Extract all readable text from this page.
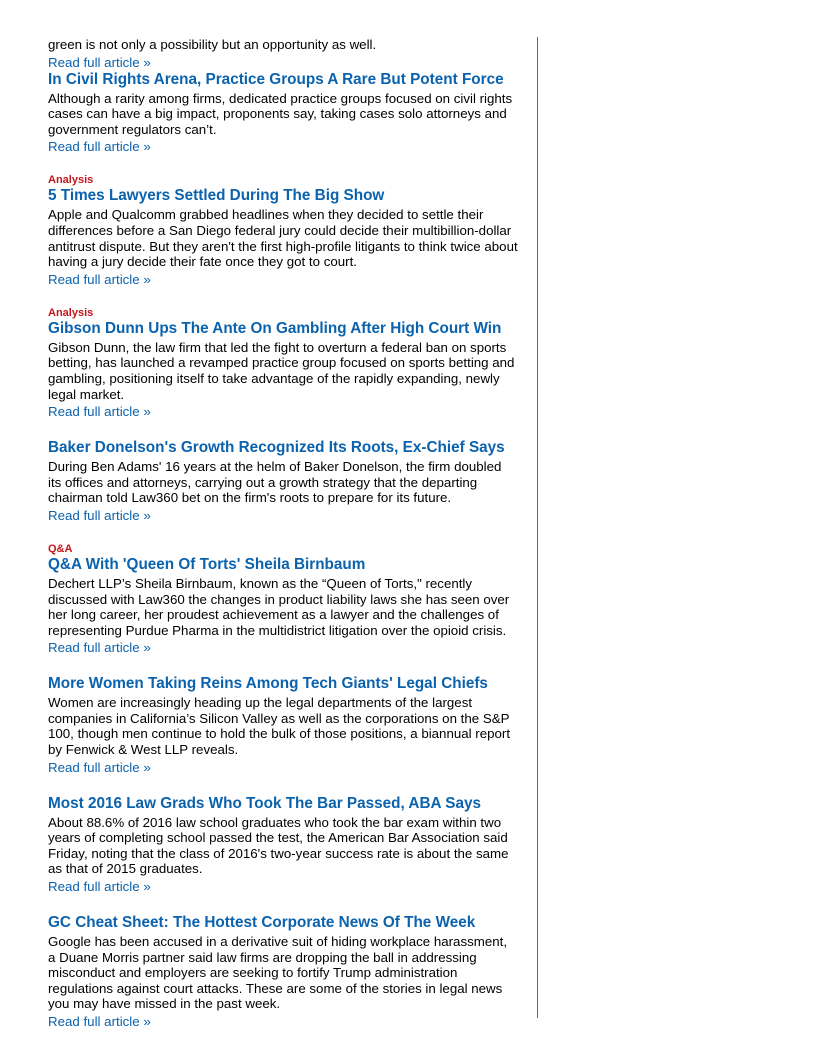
green is not only a possibility but an opportunity as well.

Read full article »
In Civil Rights Arena, Practice Groups A Rare But Potent Force

Although a rarity among firms, dedicated practice groups focused on civil rights cases can have a big impact, proponents say, taking cases solo attorneys and government regulators can’t.

Read full article »
Analysis
5 Times Lawyers Settled During The Big Show

Apple and Qualcomm grabbed headlines when they decided to settle their differences before a San Diego federal jury could decide their multibillion-dollar antitrust dispute. But they aren't the first high-profile litigants to think twice about having a jury decide their fate once they got to court.

Read full article »
Analysis
Gibson Dunn Ups The Ante On Gambling After High Court Win

Gibson Dunn, the law firm that led the fight to overturn a federal ban on sports betting, has launched a revamped practice group focused on sports betting and gambling, positioning itself to take advantage of the rapidly expanding, newly legal market.

Read full article »
Baker Donelson's Growth Recognized Its Roots, Ex-Chief Says

During Ben Adams' 16 years at the helm of Baker Donelson, the firm doubled its offices and attorneys, carrying out a growth strategy that the departing chairman told Law360 bet on the firm's roots to prepare for its future.

Read full article »
Q&A
Q&A With 'Queen Of Torts' Sheila Birnbaum

Dechert LLP’s Sheila Birnbaum, known as the “Queen of Torts," recently discussed with Law360 the changes in product liability laws she has seen over her long career, her proudest achievement as a lawyer and the challenges of representing Purdue Pharma in the multidistrict litigation over the opioid crisis.

Read full article »
More Women Taking Reins Among Tech Giants' Legal Chiefs

Women are increasingly heading up the legal departments of the largest companies in California’s Silicon Valley as well as the corporations on the S&P 100, though men continue to hold the bulk of those positions, a biannual report by Fenwick & West LLP reveals.

Read full article »
Most 2016 Law Grads Who Took The Bar Passed, ABA Says

About 88.6% of 2016 law school graduates who took the bar exam within two years of completing school passed the test, the American Bar Association said Friday, noting that the class of 2016's two-year success rate is about the same as that of 2015 graduates.

Read full article »
GC Cheat Sheet: The Hottest Corporate News Of The Week

Google has been accused in a derivative suit of hiding workplace harassment, a Duane Morris partner said law firms are dropping the ball in addressing misconduct and employers are seeking to fortify Trump administration regulations against court attacks. These are some of the stories in legal news you may have missed in the past week.

Read full article »
